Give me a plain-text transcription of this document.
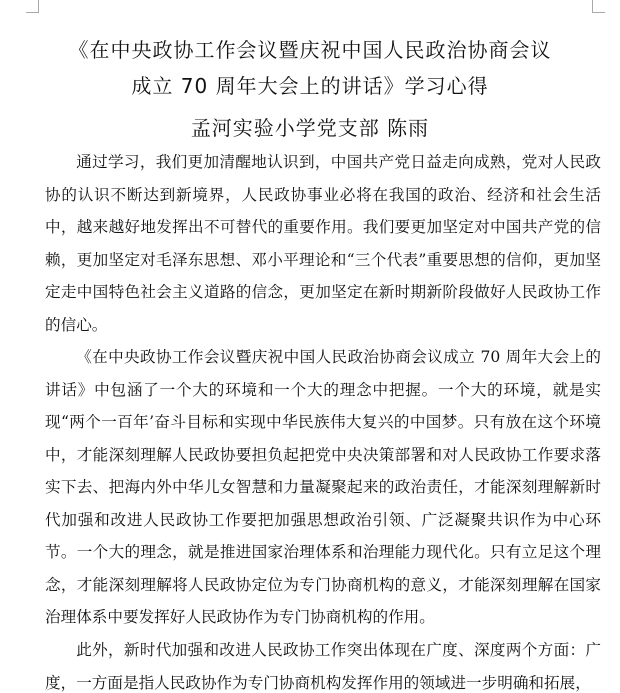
《在中央政协工作会议暨庆祝中国人民政治协商会议
成立 70 周年大会上的讲话》学习心得
孟河实验小学党支部 陈雨

通过学习，我们更加清醒地认识到，中国共产党日益走向成熟，党对人民政协的认识不断达到新境界，人民政协事业必将在我国的政治、经济和社会生活中，越来越好地发挥出不可替代的重要作用。我们要更加坚定对中国共产党的信赖，更加坚定对毛泽东思想、邓小平理论和“三个代表”重要思想的信仰，更加坚定走中国特色社会主义道路的信念，更加坚定在新时期新阶段做好人民政协工作的信心。

《在中央政协工作会议暨庆祝中国人民政治协商会议成立 70 周年大会上的讲话》中包涵了一个大的环境和一个大的理念中把握。一个大的环境，就是实现“两个一百年’奋斗目标和实现中华民族伟大复兴的中国梦。只有放在这个环境中，才能深刻理解人民政协要担负起把党中央决策部署和对人民政协工作要求落实下去、把海内外中华儿女智慧和力量凝聚起来的政治责任，才能深刻理解新时代加强和改进人民政协工作要把加强思想政治引领、广泛凝聚共识作为中心环节。一个大的理念，就是推进国家治理体系和治理能力现代化。只有立足这个理念，才能深刻理解将人民政协定位为专门协商机构的意义，才能深刻理解在国家治理体系中要发挥好人民政协作为专门协商机构的作用。

此外，新时代加强和改进人民政协工作突出体现在广度、深度两个方面：广度，一方面是指人民政协作为专门协商机构发挥作用的领域进一步明确和拓展，
